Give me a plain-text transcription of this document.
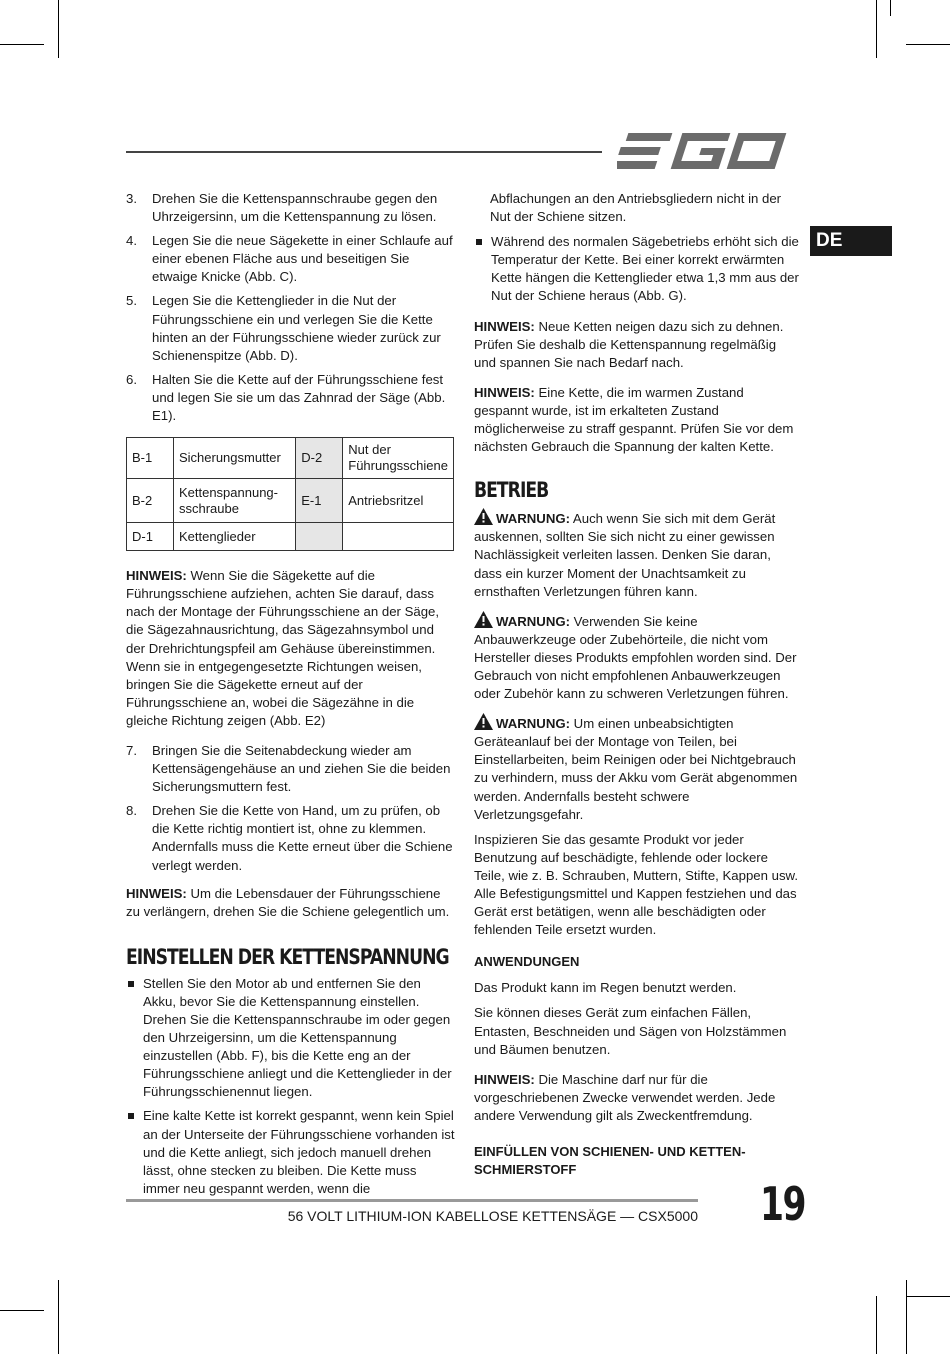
DE
3. Drehen Sie die Kettenspannschraube gegen den Uhrzeigersinn, um die Kettenspannung zu lösen.
4. Legen Sie die neue Sägekette in einer Schlaufe auf einer ebenen Fläche aus und beseitigen Sie etwaige Knicke (Abb. C).
5. Legen Sie die Kettenglieder in die Nut der Führungsschiene ein und verlegen Sie die Kette hinten an der Führungsschiene wieder zurück zur Schienenspitze (Abb. D).
6. Halten Sie die Kette auf der Führungsschiene fest und legen Sie sie um das Zahnrad der Säge (Abb. E1).
B-1	Sicherungsmutter	D-2	Nut der Führungsschiene
B-2	Kettenspannung-sschraube	E-1	Antriebsritzel
D-1	Kettenglieder		

HINWEIS: Wenn Sie die Sägekette auf die Führungsschiene aufziehen, achten Sie darauf, dass nach der Montage der Führungsschiene an der Säge, die Sägezahnausrichtung, das Sägezahnsymbol und der Drehrichtungspfeil am Gehäuse übereinstimmen. Wenn sie in entgegengesetzte Richtungen weisen, bringen Sie die Sägekette erneut auf der Führungsschiene an, wobei die Sägezähne in die gleiche Richtung zeigen (Abb. E2)

7. Bringen Sie die Seitenabdeckung wieder am Kettensägengehäuse an und ziehen Sie die beiden Sicherungsmuttern fest.
8. Drehen Sie die Kette von Hand, um zu prüfen, ob die Kette richtig montiert ist, ohne zu klemmen. Andernfalls muss die Kette erneut über die Schiene verlegt werden.

HINWEIS: Um die Lebensdauer der Führungsschiene zu verlängern, drehen Sie die Schiene gelegentlich um.

EINSTELLEN DER KETTENSPANNUNG
Stellen Sie den Motor ab und entfernen Sie den Akku, bevor Sie die Kettenspannung einstellen. Drehen Sie die Kettenspannschraube im oder gegen den Uhrzeigersinn, um die Kettenspannung einzustellen (Abb. F), bis die Kette eng an der Führungsschiene anliegt und die Kettenglieder in der Führungsschienennut liegen.
Eine kalte Kette ist korrekt gespannt, wenn kein Spiel an der Unterseite der Führungsschiene vorhanden ist und die Kette anliegt, sich jedoch manuell drehen lässt, ohne stecken zu bleiben. Die Kette muss immer neu gespannt werden, wenn die

Abflachungen an den Antriebsgliedern nicht in der Nut der Schiene sitzen.

Während des normalen Sägebetriebs erhöht sich die Temperatur der Kette. Bei einer korrekt erwärmten Kette hängen die Kettenglieder etwa 1,3 mm aus der Nut der Schiene heraus (Abb. G).

HINWEIS: Neue Ketten neigen dazu sich zu dehnen. Prüfen Sie deshalb die Kettenspannung regelmäßig und spannen Sie nach Bedarf nach.

HINWEIS: Eine Kette, die im warmen Zustand gespannt wurde, ist im erkalteten Zustand möglicherweise zu straff gespannt. Prüfen Sie vor dem nächsten Gebrauch die Spannung der kalten Kette.

BETRIEB

WARNUNG: Auch wenn Sie sich mit dem Gerät auskennen, sollten Sie sich nicht zu einer gewissen Nachlässigkeit verleiten lassen. Denken Sie daran, dass ein kurzer Moment der Unachtsamkeit zu ernsthaften Verletzungen führen kann.

WARNUNG: Verwenden Sie keine Anbauwerkzeuge oder Zubehörteile, die nicht vom Hersteller dieses Produkts empfohlen worden sind. Der Gebrauch von nicht empfohlenen Anbauwerkzeugen oder Zubehör kann zu schweren Verletzungen führen.

WARNUNG: Um einen unbeabsichtigten Geräteanlauf bei der Montage von Teilen, bei Einstellarbeiten, beim Reinigen oder bei Nichtgebrauch zu verhindern, muss der Akku vom Gerät abgenommen werden. Andernfalls besteht schwere Verletzungsgefahr.

Inspizieren Sie das gesamte Produkt vor jeder Benutzung auf beschädigte, fehlende oder lockere Teile, wie z. B. Schrauben, Muttern, Stifte, Kappen usw. Alle Befestigungsmittel und Kappen festziehen und das Gerät erst betätigen, wenn alle beschädigten oder fehlenden Teile ersetzt wurden.

ANWENDUNGEN

Das Produkt kann im Regen benutzt werden.

Sie können dieses Gerät zum einfachen Fällen, Entasten, Beschneiden und Sägen von Holzstämmen und Bäumen benutzen.

HINWEIS: Die Maschine darf nur für die vorgeschriebenen Zwecke verwendet werden. Jede andere Verwendung gilt als Zweckentfremdung.

EINFÜLLEN VON SCHIENEN- UND KETTEN-SCHMIERSTOFF
56 VOLT LITHIUM-ION KABELLOSE KETTENSÄGE — CSX5000 19
